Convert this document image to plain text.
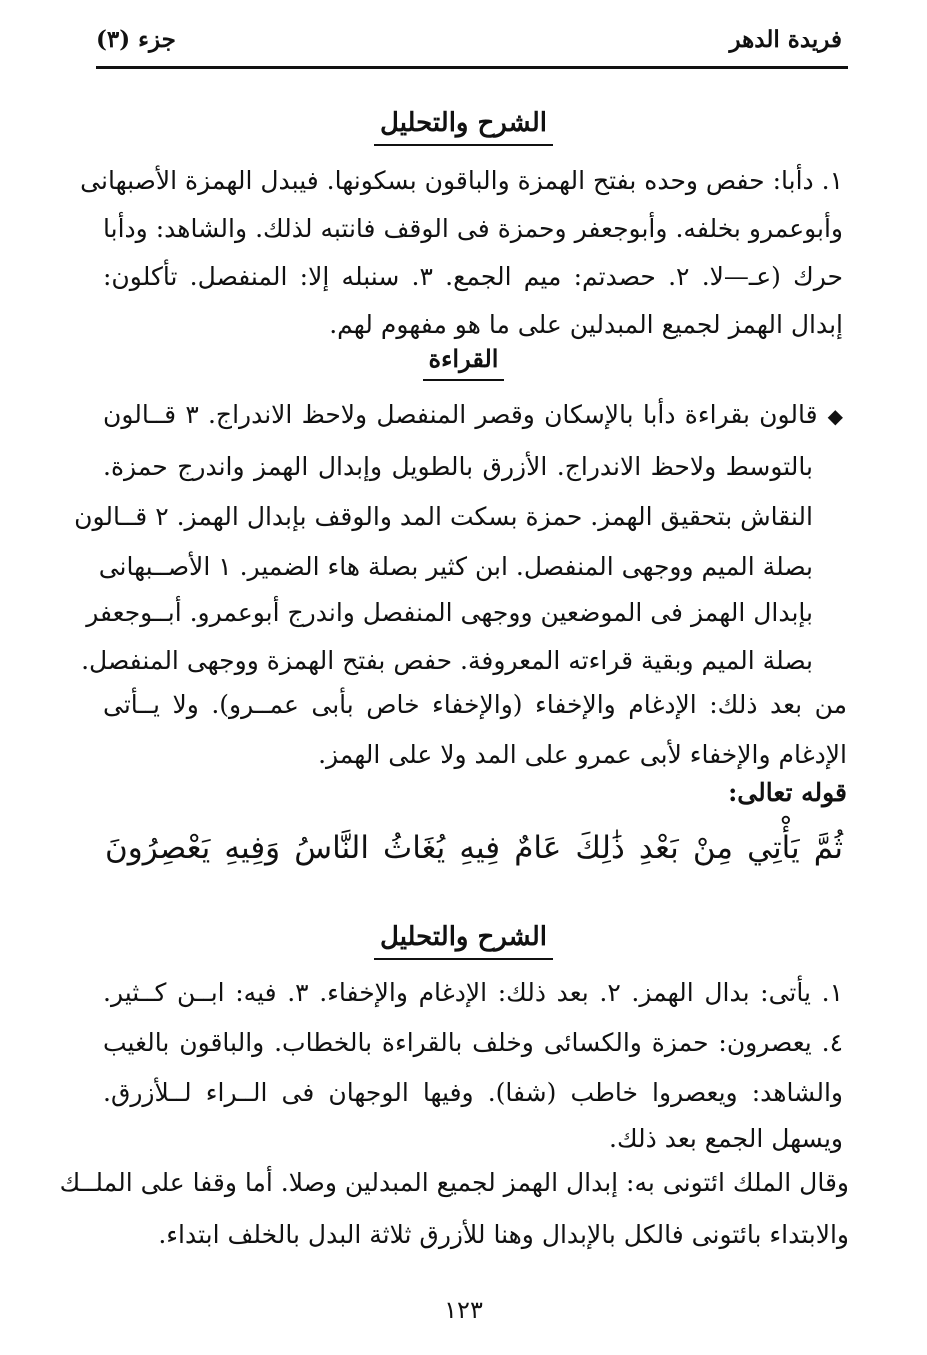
فريدة الدهر
جزء (٣)
الشرح والتحليل
١. دأبا: حفص وحده بفتح الهمزة والباقون بسكونها. فيبدل الهمزة الأصبهانى
وأبوعمرو بخلفه. وأبوجعفر وحمزة فى الوقف فانتبه لذلك. والشاهد: ودأبا
حرك (عـ—لا. ٢. حصدتم: ميم الجمع. ٣. سنبله إلا: المنفصل. تأكلون:
إبدال الهمز لجميع المبدلين على ما هو مفهوم لهم.
القراءة
◆قالون بقراءة دأبا بالإسكان وقصر المنفصل ولاحظ الاندراج. ٣ قــالون
بالتوسط ولاحظ الاندراج. الأزرق بالطويل وإبدال الهمز واندرج حمزة.
النقاش بتحقيق الهمز. حمزة بسكت المد والوقف بإبدال الهمز. ٢ قــالون
بصلة الميم ووجهى المنفصل. ابن كثير بصلة هاء الضمير. ١ الأصــبهانى
بإبدال الهمز فى الموضعين ووجهى المنفصل واندرج أبوعمرو. أبــوجعفر
بصلة الميم وبقية قراءته المعروفة. حفص بفتح الهمزة ووجهى المنفصل.
من بعد ذلك: الإدغام والإخفاء (والإخفاء خاص بأبى عمــرو). ولا يــأتى
الإدغام والإخفاء لأبى عمرو على المد ولا على الهمز.
قوله تعالى:
ثُمَّ يَأْتِي مِنْ بَعْدِ ذَٰلِكَ عَامٌ فِيهِ يُغَاثُ النَّاسُ وَفِيهِ يَعْصِرُونَ
الشرح والتحليل
١. يأتى: بدال الهمز. ٢. بعد ذلك: الإدغام والإخفاء. ٣. فيه: ابــن كــثير.
٤. يعصرون: حمزة والكسائى وخلف بالقراءة بالخطاب. والباقون بالغيب
والشاهد: ويعصروا خاطب (شفا). وفيها الوجهان فى الــراء لــلأزرق.
ويسهل الجمع بعد ذلك.
وقال الملك ائتونى به: إبدال الهمز لجميع المبدلين وصلا. أما وقفا على الملــك
والابتداء بائتونى فالكل بالإبدال وهنا للأزرق ثلاثة البدل بالخلف ابتداء.
١٢٣
